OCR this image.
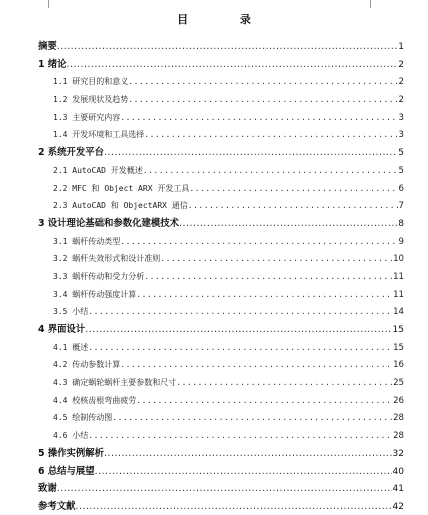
目 录
摘要 .....	1
1 绪论 .....	2
1.1 研究目的和意义 .....	2
1.2 发展现状及趋势 .....	2
1.3 主要研究内容 .....	3
1.4 开发环境和工具选择 .....	3
2 系统开发平台 .....	5
2.1 AutoCAD 开发概述 .....	5
2.2 MFC 和 Object ARX 开发工具 .....	6
2.3 AutoCAD 和 ObjectARX 通信 .....	7
3 设计理论基础和参数化建模技术 .....	8
3.1 蜗杆传动类型 .....	9
3.2 蜗杆失效形式和设计准则 .....	10
3.3 蜗杆传动和受力分析 .....	11
3.4 蜗杆传动强度计算 .....	11
3.5 小结 .....	14
4 界面设计 .....	15
4.1 概述 .....	15
4.2 传动参数计算 .....	16
4.3 确定蜗轮蜗杆主要参数和尺寸 .....	25
4.4 校核齿根弯曲疲劳 .....	26
4.5 绘制传动图 .....	28
4.6 小结 .....	28
5 操作实例解析 .....	32
6 总结与展望 .....	40
致谢 .....	41
参考文献 .....	42
